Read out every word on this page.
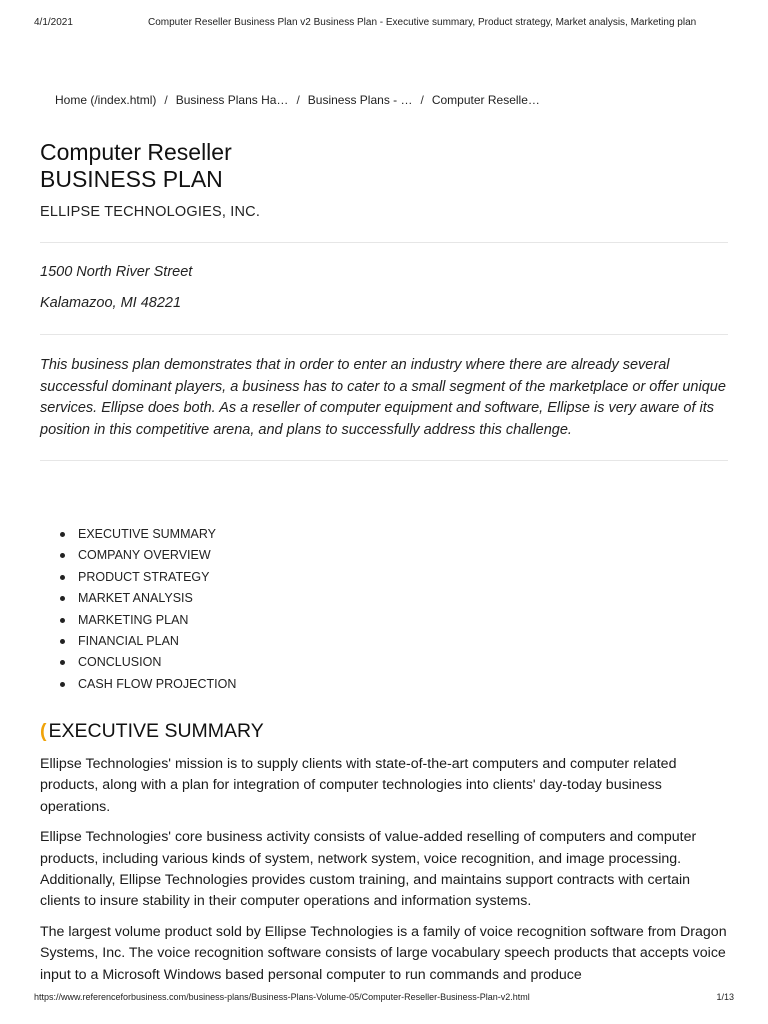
4/1/2021	Computer Reseller Business Plan v2 Business Plan - Executive summary, Product strategy, Market analysis, Marketing plan
Home (/index.html) / Business Plans Ha… / Business Plans - … / Computer Reselle…
Computer Reseller
BUSINESS PLAN
ELLIPSE TECHNOLOGIES, INC.
1500 North River Street
Kalamazoo, MI 48221
This business plan demonstrates that in order to enter an industry where there are already several successful dominant players, a business has to cater to a small segment of the marketplace or offer unique services. Ellipse does both. As a reseller of computer equipment and software, Ellipse is very aware of its position in this competitive arena, and plans to successfully address this challenge.
EXECUTIVE SUMMARY
COMPANY OVERVIEW
PRODUCT STRATEGY
MARKET ANALYSIS
MARKETING PLAN
FINANCIAL PLAN
CONCLUSION
CASH FLOW PROJECTION
( EXECUTIVE SUMMARY

Ellipse Technologies' mission is to supply clients with state-of-the-art computers and computer related products, along with a plan for integration of computer technologies into clients' day-today business operations.

Ellipse Technologies' core business activity consists of value-added reselling of computers and computer products, including various kinds of system, network system, voice recognition, and image processing. Additionally, Ellipse Technologies provides custom training, and maintains support contracts with certain clients to insure stability in their computer operations and information systems.

The largest volume product sold by Ellipse Technologies is a family of voice recognition software from Dragon Systems, Inc. The voice recognition software consists of large vocabulary speech products that accepts voice input to a Microsoft Windows based personal computer to run commands and produce

https://www.referenceforbusiness.com/business-plans/Business-Plans-Volume-05/Computer-Reseller-Business-Plan-v2.html	1/13
